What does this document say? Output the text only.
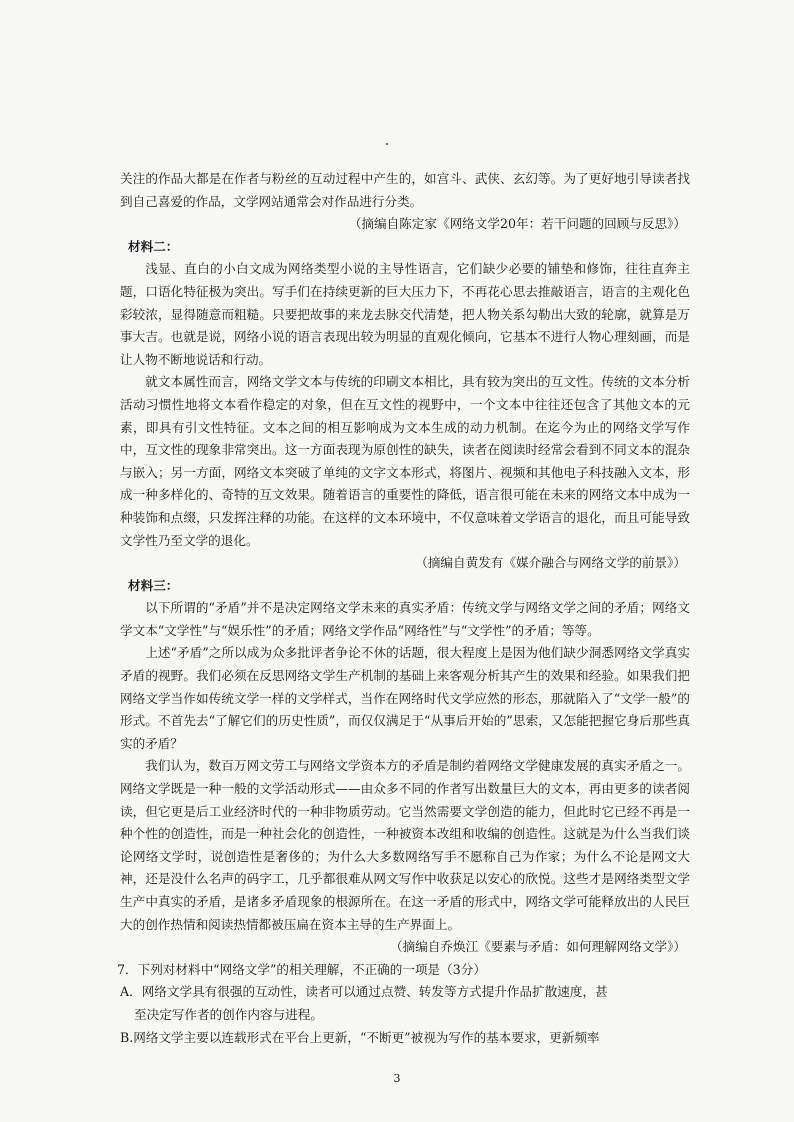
关注的作品大都是在作者与粉丝的互动过程中产生的，如宫斗、武侠、玄幻等。为了更好地引导读者找到自己喜爱的作品，文学网站通常会对作品进行分类。

（摘编自陈定家《网络文学20年：若干问题的回顾与反思》）

材料二：

浅显、直白的小白文成为网络类型小说的主导性语言，它们缺少必要的铺垫和修饰，往往直奔主题，口语化特征极为突出。写手们在持续更新的巨大压力下，不再花心思去推敲语言，语言的主观化色彩较浓，显得随意而粗糙。只要把故事的来龙去脉交代清楚，把人物关系勾勒出大致的轮廓，就算是万事大吉。也就是说，网络小说的语言表现出较为明显的直观化倾向，它基本不进行人物心理刻画，而是让人物不断地说话和行动。

就文本属性而言，网络文学文本与传统的印刷文本相比，具有较为突出的互文性。传统的文本分析活动习惯性地将文本看作稳定的对象，但在互文性的视野中，一个文本中往往还包含了其他文本的元素，即具有引文性特征。文本之间的相互影响成为文本生成的动力机制。在迄今为止的网络文学写作中，互文性的现象非常突出。这一方面表现为原创性的缺失，读者在阅读时经常会看到不同文本的混杂与嵌入；另一方面，网络文本突破了单纯的文字文本形式，将图片、视频和其他电子科技融入文本，形成一种多样化的、奇特的互文效果。随着语言的重要性的降低，语言很可能在未来的网络文本中成为一种装饰和点缀，只发挥注释的功能。在这样的文本环境中，不仅意味着文学语言的退化，而且可能导致文学性乃至文学的退化。

（摘编自黄发有《媒介融合与网络文学的前景》）

材料三：

以下所谓的“矛盾”并不是决定网络文学未来的真实矛盾：传统文学与网络文学之间的矛盾；网络文学文本“文学性”与“娱乐性”的矛盾；网络文学作品“网络性”与“文学性”的矛盾；等等。

上述“矛盾”之所以成为众多批评者争论不休的话题，很大程度上是因为他们缺少洞悉网络文学真实矛盾的视野。我们必须在反思网络文学生产机制的基础上来客观分析其产生的效果和经验。如果我们把网络文学当作如传统文学一样的文学样式，当作在网络时代文学应然的形态，那就陷入了“文学一般”的形式。不首先去“了解它们的历史性质”，而仅仅满足于“从事后开始的”思索，又怎能把握它身后那些真实的矛盾？

我们认为，数百万网文劳工与网络文学资本方的矛盾是制约着网络文学健康发展的真实矛盾之一。网络文学既是一种一般的文学活动形式——由众多不同的作者写出数量巨大的文本，再由更多的读者阅读，但它更是后工业经济时代的一种非物质劳动。它当然需要文学创造的能力，但此时它已经不再是一种个性的创造性，而是一种社会化的创造性，一种被资本改组和收编的创造性。这就是为什么当我们谈论网络文学时，说创造性是奢侈的；为什么大多数网络写手不愿称自己为作家；为什么不论是网文大神，还是没什么名声的码字工，几乎都很难从网文写作中收获足以安心的欣悦。这些才是网络类型文学生产中真实的矛盾，是诸多矛盾现象的根源所在。在这一矛盾的形式中，网络文学可能释放出的人民巨大的创作热情和阅读热情都被压扁在资本主导的生产界面上。

（摘编自乔焕江《要素与矛盾：如何理解网络文学》）

7．下列对材料中“网络文学”的相关理解，不正确的一项是（3分）

A．网络文学具有很强的互动性，读者可以通过点赞、转发等方式提升作品扩散速度，甚

至决定写作者的创作内容与进程。

B.网络文学主要以连载形式在平台上更新，“不断更”被视为写作的基本要求，更新频率

3
